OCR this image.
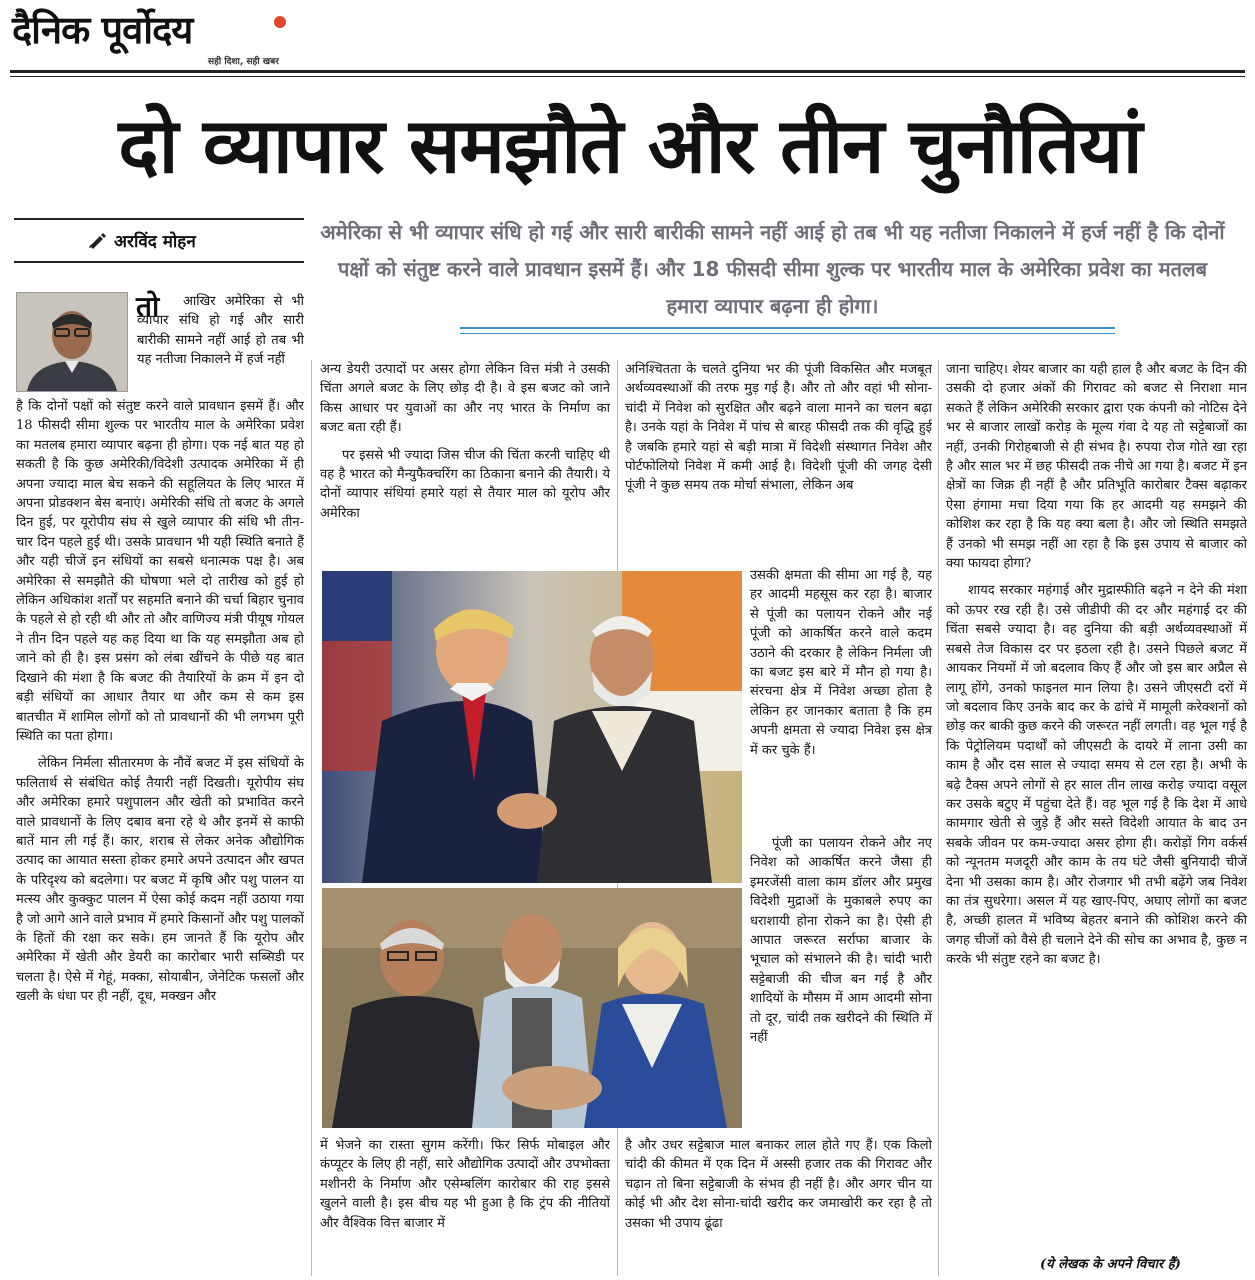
दैनिक पूर्वोदय
सही दिशा, सही खबर
दो व्यापार समझौते और तीन चुनौतियां
अरविंद मोहन	अमेरिका से भी व्यापार संधि हो गई और सारी बारीकी सामने नहीं आई हो तब भी यह नतीजा निकालने में हर्ज नहीं है कि दोनों पक्षों को संतुष्ट करने वाले प्रावधान इसमें हैं। और 18 फीसदी सीमा शुल्क पर भारतीय माल के अमेरिका प्रवेश का मतलब हमारा व्यापार बढ़ना ही होगा।
तो	आखिर अमेरिका से भी व्यापार संधि हो गई और सारी बारीकी सामने नहीं आई हो तब भी यह नतीजा निकालने में हर्ज नहीं

है कि दोनों पक्षों को संतुष्ट करने वाले प्रावधान इसमें हैं। और 18 फीसदी सीमा शुल्क पर भारतीय माल के अमेरिका प्रवेश का मतलब हमारा व्यापार बढ़ना ही होगा। एक नई बात यह हो सकती है कि कुछ अमेरिकी/विदेशी उत्पादक अमेरिका में ही अपना ज्यादा माल बेच सकने की सहूलियत के लिए भारत में अपना प्रोडक्शन बेस बनाएं। अमेरिकी संधि तो बजट के अगले दिन हुई, पर यूरोपीय संघ से खुले व्यापार की संधि भी तीन-चार दिन पहले हुई थी। उसके प्रावधान भी यही स्थिति बनाते हैं और यही चीजें इन संधियों का सबसे धनात्मक पक्ष है। अब अमेरिका से समझौते की घोषणा भले दो तारीख को हुई हो लेकिन अधिकांश शर्तों पर सहमति बनाने की चर्चा बिहार चुनाव के पहले से हो रही थी और तो और वाणिज्य मंत्री पीयूष गोयल ने तीन दिन पहले यह कह दिया था कि यह समझौता अब हो जाने को ही है। इस प्रसंग को लंबा खींचने के पीछे यह बात दिखाने की मंशा है कि बजट की तैयारियों के क्रम में इन दो बड़ी संधियों का आधार तैयार था और कम से कम इस बातचीत में शामिल लोगों को तो प्रावधानों की भी लगभग पूरी स्थिति का पता होगा।

लेकिन निर्मला सीतारमण के नौवें बजट में इस संधियों के फलितार्थ से संबंधित कोई तैयारी नहीं दिखती। यूरोपीय संघ और अमेरिका हमारे पशुपालन और खेती को प्रभावित करने वाले प्रावधानों के लिए दबाव बना रहे थे और इनमें से काफी बातें मान ली गई हैं। कार, शराब से लेकर अनेक औद्योगिक उत्पाद का आयात सस्ता होकर हमारे अपने उत्पादन और खपत के परिदृश्य को बदलेगा। पर बजट में कृषि और पशु पालन या मत्स्य और कुक्कुट पालन में ऐसा कोई कदम नहीं उठाया गया है जो आगे आने वाले प्रभाव में हमारे किसानों और पशु पालकों के हितों की रक्षा कर सके। हम जानते हैं कि यूरोप और अमेरिका में खेती और डेयरी का कारोबार भारी सब्सिडी पर चलता है। ऐसे में गेहूं, मक्का, सोयाबीन, जेनेटिक फसलों और खली के धंधा पर ही नहीं, दूध, मक्खन और

अन्य डेयरी उत्पादों पर असर होगा लेकिन वित्त मंत्री ने उसकी चिंता अगले बजट के लिए छोड़ दी है। वे इस बजट को जाने किस आधार पर युवाओं का और नए भारत के निर्माण का बजट बता रही हैं।

पर इससे भी ज्यादा जिस चीज की चिंता करनी चाहिए थी वह है भारत को मैन्युफैक्चरिंग का ठिकाना बनाने की तैयारी। ये दोनों व्यापार संधियां हमारे यहां से तैयार माल को यूरोप और अमेरिका

अनिश्चितता के चलते दुनिया भर की पूंजी विकसित और मजबूत अर्थव्यवस्थाओं की तरफ मुड़ गई है। और तो और वहां भी सोना-चांदी में निवेश को सुरक्षित और बढ़ने वाला मानने का चलन बढ़ा है। उनके यहां के निवेश में पांच से बारह फीसदी तक की वृद्धि हुई है जबकि हमारे यहां से बड़ी मात्रा में विदेशी संस्थागत निवेश और पोर्टफोलियो निवेश में कमी आई है। विदेशी पूंजी की जगह देसी पूंजी ने कुछ समय तक मोर्चा संभाला, लेकिन अब

उसकी क्षमता की सीमा आ गई है, यह हर आदमी महसूस कर रहा है। बाजार से पूंजी का पलायन रोकने और नई पूंजी को आकर्षित करने वाले कदम उठाने की दरकार है लेकिन निर्मला जी का बजट इस बारे में मौन हो गया है। संरचना क्षेत्र में निवेश अच्छा होता है लेकिन हर जानकार बताता है कि हम अपनी क्षमता से ज्यादा निवेश इस क्षेत्र में कर चुके हैं।

पूंजी का पलायन रोकने और नए निवेश को आकर्षित करने जैसा ही इमरजेंसी वाला काम डॉलर और प्रमुख विदेशी मुद्राओं के मुकाबले रुपए का धराशायी होना रोकने का है। ऐसी ही आपात जरूरत सर्राफा बाजार के भूचाल को संभालने की है। चांदी भारी सट्टेबाजी की चीज बन गई है और शादियों के मौसम में आम आदमी सोना तो दूर, चांदी तक खरीदने की स्थिति में नहीं

में भेजने का रास्ता सुगम करेंगी। फिर सिर्फ मोबाइल और कंप्यूटर के लिए ही नहीं, सारे औद्योगिक उत्पादों और उपभोक्ता मशीनरी के निर्माण और एसेम्बलिंग कारोबार की राह इससे खुलने वाली है। इस बीच यह भी हुआ है कि ट्रंप की नीतियों और वैश्विक वित्त बाजार में

है और उधर सट्टेबाज माल बनाकर लाल होते गए हैं। एक किलो चांदी की कीमत में एक दिन में अस्सी हजार तक की गिरावट और चढ़ान तो बिना सट्टेबाजी के संभव ही नहीं है। और अगर चीन या कोई भी और देश सोना-चांदी खरीद कर जमाखोरी कर रहा है तो उसका भी उपाय ढूंढा

जाना चाहिए। शेयर बाजार का यही हाल है और बजट के दिन की उसकी दो हजार अंकों की गिरावट को बजट से निराशा मान सकते हैं लेकिन अमेरिकी सरकार द्वारा एक कंपनी को नोटिस देने भर से बाजार लाखों करोड़ के मूल्य गंवा दे यह तो सट्टेबाजों का नहीं, उनकी गिरोहबाजी से ही संभव है। रुपया रोज गोते खा रहा है और साल भर में छह फीसदी तक नीचे आ गया है। बजट में इन क्षेत्रों का जिक्र ही नहीं है और प्रतिभूति कारोबार टैक्स बढ़ाकर ऐसा हंगामा मचा दिया गया कि हर आदमी यह समझने की कोशिश कर रहा है कि यह क्या बला है। और जो स्थिति समझते हैं उनको भी समझ नहीं आ रहा है कि इस उपाय से बाजार को क्या फायदा होगा?

शायद सरकार महंगाई और मुद्रास्फीति बढ़ने न देने की मंशा को ऊपर रख रही है। उसे जीडीपी की दर और महंगाई दर की चिंता सबसे ज्यादा है। वह दुनिया की बड़ी अर्थव्यवस्थाओं में सबसे तेज विकास दर पर इठला रही है। उसने पिछले बजट में आयकर नियमों में जो बदलाव किए हैं और जो इस बार अप्रैल से लागू होंगे, उनको फाइनल मान लिया है। उसने जीएसटी दरों में जो बदलाव किए उनके बाद कर के ढांचे में मामूली करेक्शनों को छोड़ कर बाकी कुछ करने की जरूरत नहीं लगती। वह भूल गई है कि पेट्रोलियम पदार्थों को जीएसटी के दायरे में लाना उसी का काम है और दस साल से ज्यादा समय से टल रहा है। अभी के बढ़े टैक्स अपने लोगों से हर साल तीन लाख करोड़ ज्यादा वसूल कर उसके बटुए में पहुंचा देते हैं। वह भूल गई है कि देश में आधे कामगार खेती से जुड़े हैं और सस्ते विदेशी आयात के बाद उन सबके जीवन पर कम-ज्यादा असर होगा ही। करोड़ों गिग वर्कर्स को न्यूनतम मजदूरी और काम के तय घंटे जैसी बुनियादी चीजें देना भी उसका काम है। और रोजगार भी तभी बढ़ेंगे जब निवेश का तंत्र सुधरेगा। असल में यह खाए-पिए, अघाए लोगों का बजट है, अच्छी हालत में भविष्य बेहतर बनाने की कोशिश करने की जगह चीजों को वैसे ही चलाने देने की सोच का अभाव है, कुछ न करके भी संतुष्ट रहने का बजट है।

(ये लेखक के अपने विचार हैं)
